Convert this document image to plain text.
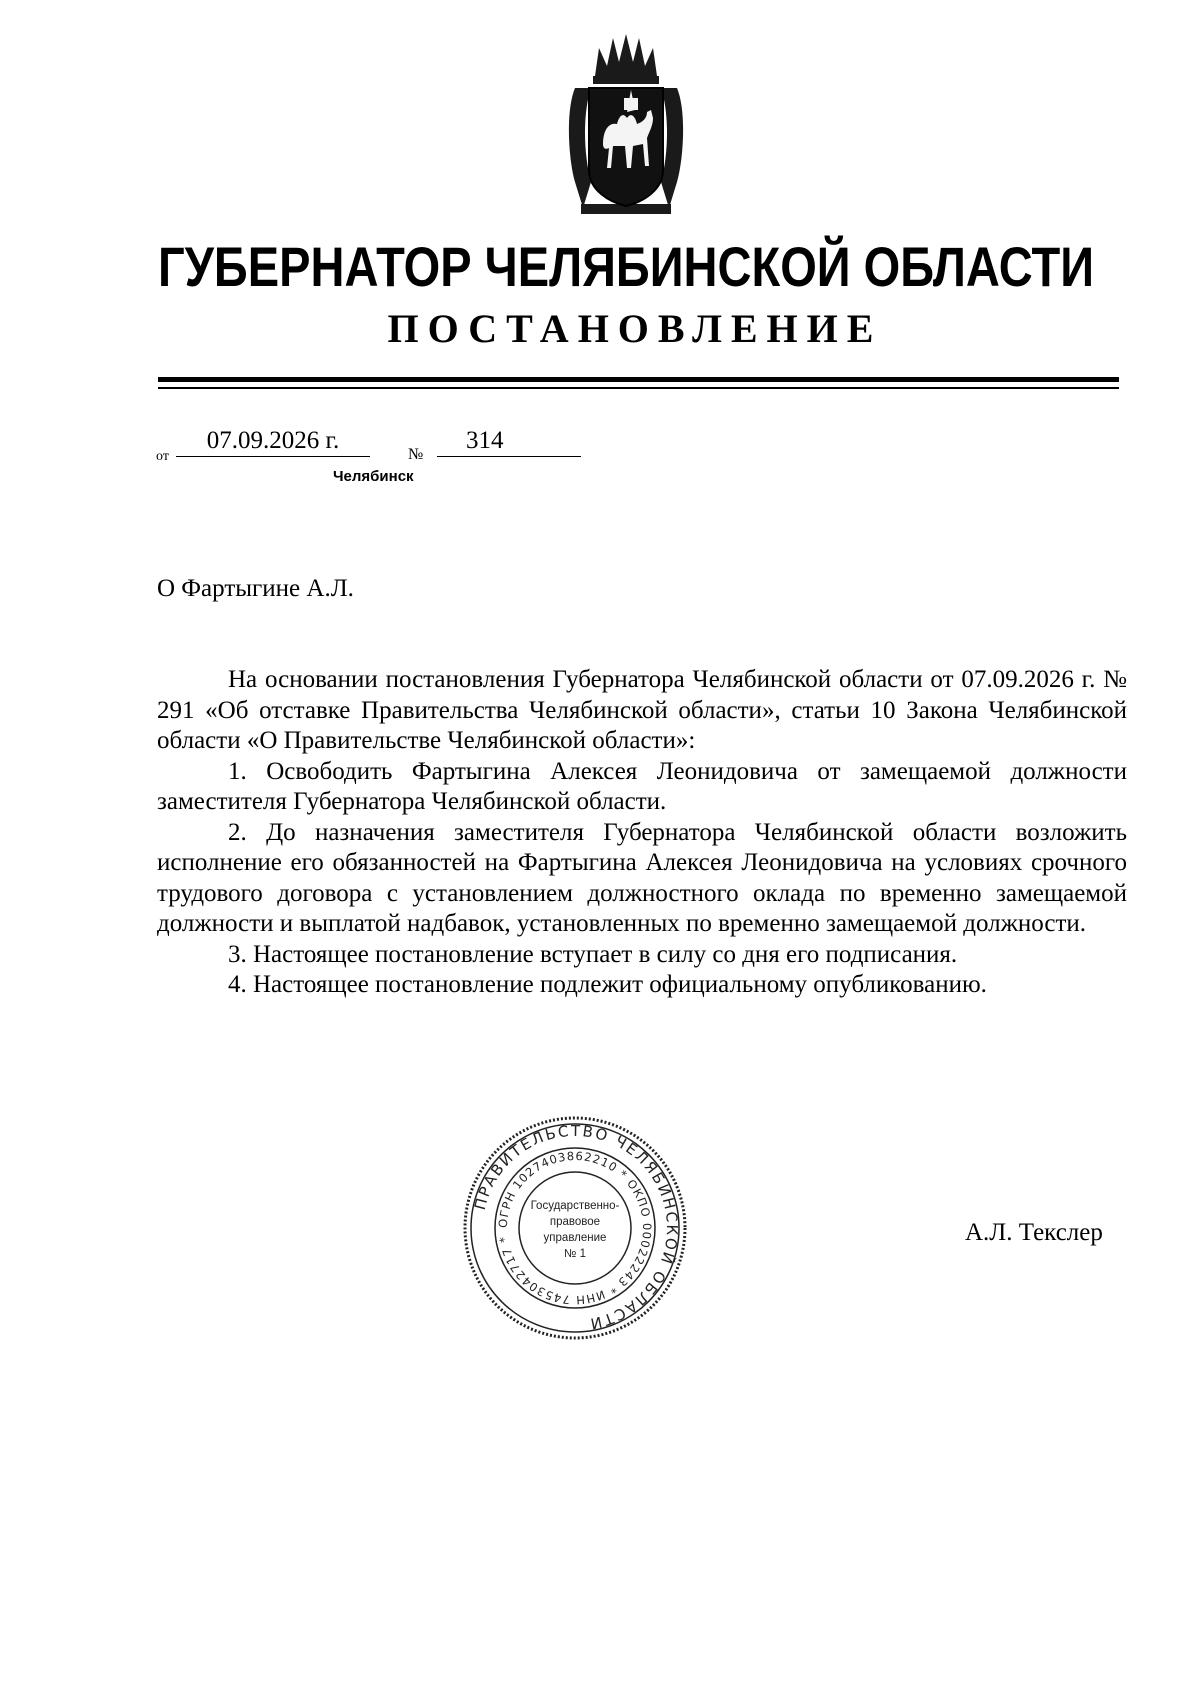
ГУБЕРНАТОР ЧЕЛЯБИНСКОЙ ОБЛАСТИ
ПОСТАНОВЛЕНИЕ
от
07.09.2026 г.
№
314
Челябинск
О Фартыгине А.Л.

На основании постановления Губернатора Челябинской области от 07.09.2026 г. № 291 «Об отставке Правительства Челябинской области», статьи 10 Закона Челябинской области «О Правительстве Челябинской области»:

1. Освободить Фартыгина Алексея Леонидовича от замещаемой должности заместителя Губернатора Челябинской области.

2. До назначения заместителя Губернатора Челябинской области возложить исполнение его обязанностей на Фартыгина Алексея Леонидовича на условиях срочного трудового договора с установлением должностного оклада по временно замещаемой должности и выплатой надбавок, установленных по временно замещаемой должности.

3. Настоящее постановление вступает в силу со дня его подписания.

4. Настоящее постановление подлежит официальному опубликованию.

ПРАВИТЕЛЬСТВО ЧЕЛЯБИНСКОЙ ОБЛАСТИ
ОГРН 1027403862210 * ОКПО 00022243 * ИНН 7453042717 *
Государственно-
правовое
управление
№ 1
А.Л. Текслер
